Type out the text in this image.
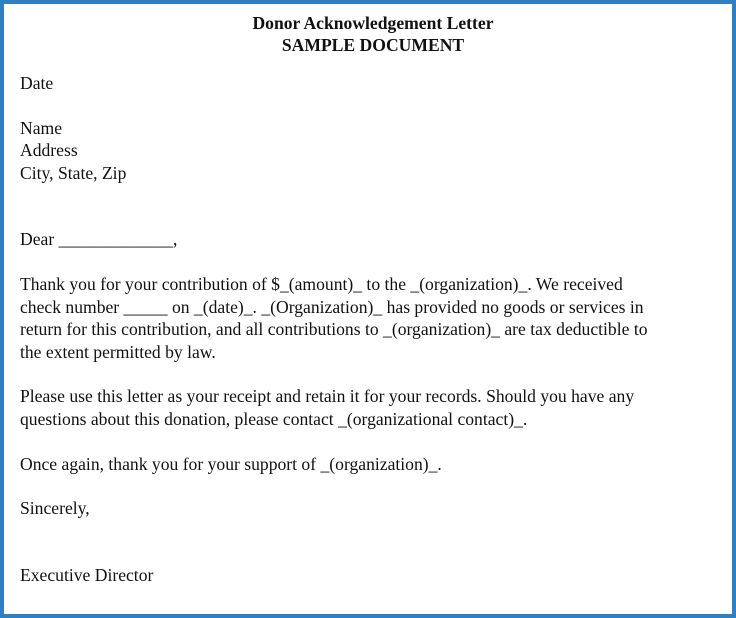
Donor Acknowledgement Letter

SAMPLE DOCUMENT

Date

Name

Address

City, State, Zip

Dear _____________,

Thank you for your contribution of $_(amount)_ to the _(organization)_. We received

check number _____ on _(date)_. _(Organization)_ has provided no goods or services in

return for this contribution, and all contributions to _(organization)_ are tax deductible to

the extent permitted by law.

Please use this letter as your receipt and retain it for your records. Should you have any

questions about this donation, please contact _(organizational contact)_.

Once again, thank you for your support of _(organization)_.

Sincerely,

Executive Director
